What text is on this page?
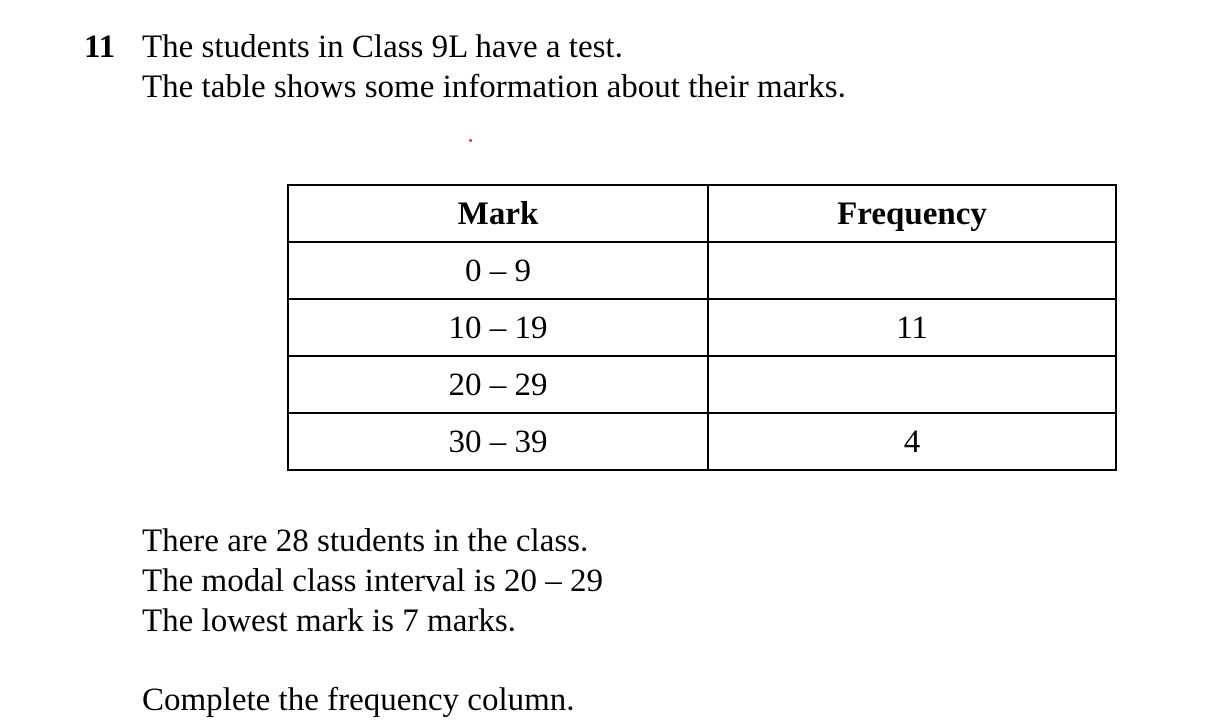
11 The students in Class 9L have a test.
The table shows some information about their marks.
Mark	Frequency
0 – 9	
10 – 19	11
20 – 29	
30 – 39	4
There are 28 students in the class.
The modal class interval is 20 – 29
The lowest mark is 7 marks.
Complete the frequency column.
